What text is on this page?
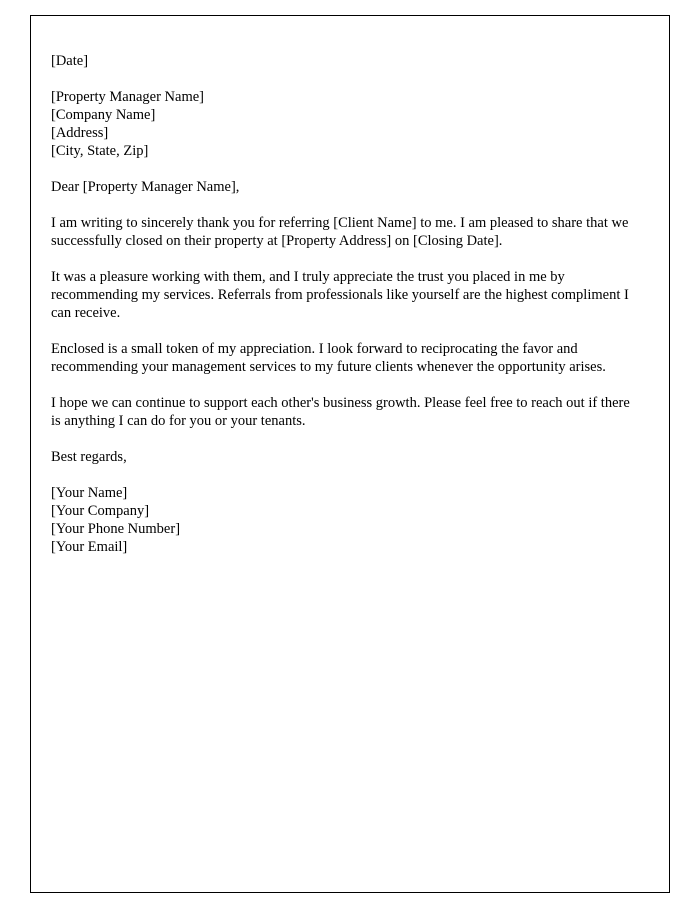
[Date]

[Property Manager Name]

[Company Name]

[Address]

[City, State, Zip]

Dear [Property Manager Name],

I am writing to sincerely thank you for referring [Client Name] to me. I am pleased to share that we successfully closed on their property at [Property Address] on [Closing Date].

It was a pleasure working with them, and I truly appreciate the trust you placed in me by recommending my services. Referrals from professionals like yourself are the highest compliment I can receive.

Enclosed is a small token of my appreciation. I look forward to reciprocating the favor and recommending your management services to my future clients whenever the opportunity arises.

I hope we can continue to support each other's business growth. Please feel free to reach out if there is anything I can do for you or your tenants.

Best regards,

[Your Name]

[Your Company]

[Your Phone Number]

[Your Email]
